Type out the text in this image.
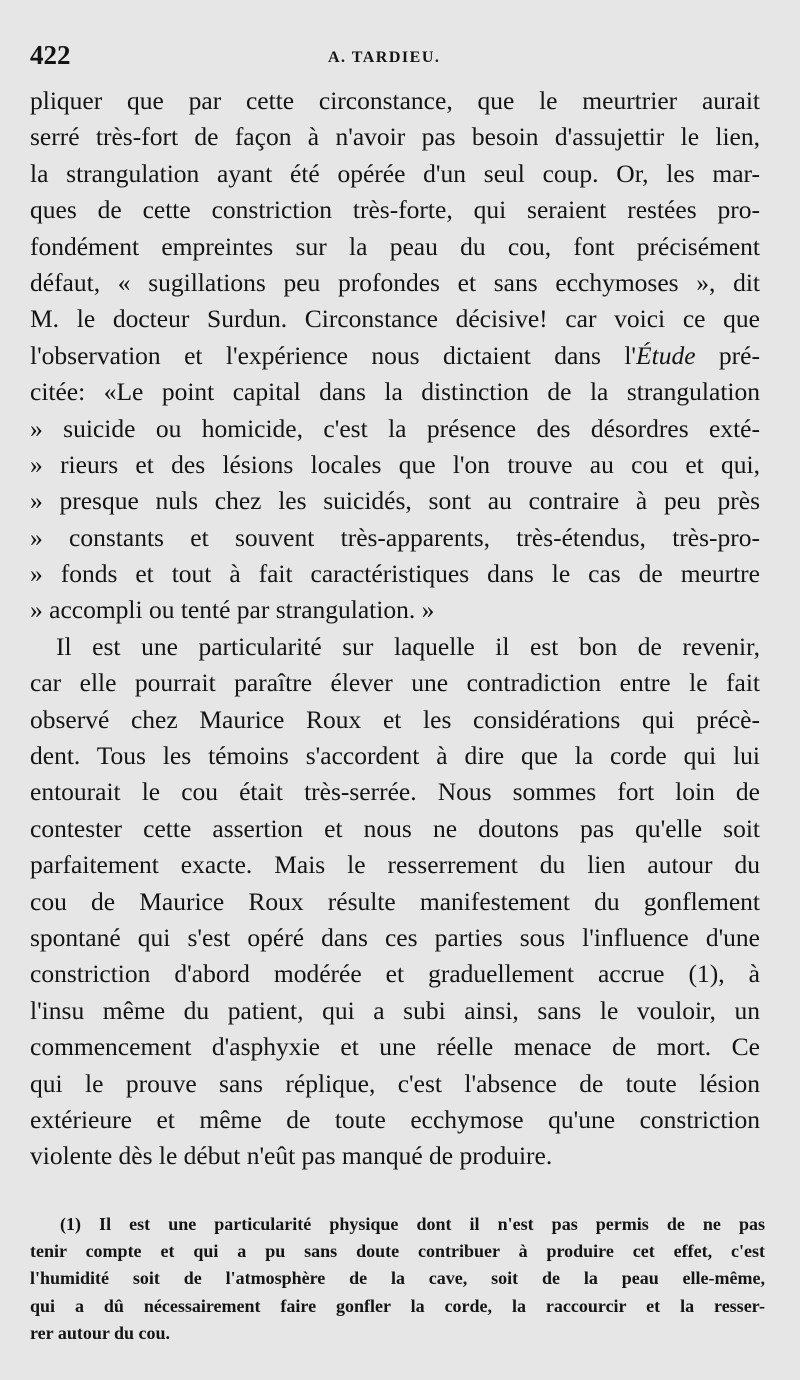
422	A. TARDIEU.
pliquer que par cette circonstance, que le meurtrier aurait
serré très-fort de façon à n'avoir pas besoin d'assujettir le lien,
la strangulation ayant été opérée d'un seul coup. Or, les mar-
ques de cette constriction très-forte, qui seraient restées pro-
fondément empreintes sur la peau du cou, font précisément
défaut, « sugillations peu profondes et sans ecchymoses », dit
M. le docteur Surdun. Circonstance décisive! car voici ce que
l'observation et l'expérience nous dictaient dans l'Étude pré-
citée: «Le point capital dans la distinction de la strangulation
» suicide ou homicide, c'est la présence des désordres exté-
» rieurs et des lésions locales que l'on trouve au cou et qui,
» presque nuls chez les suicidés, sont au contraire à peu près
» constants et souvent très-apparents, très-étendus, très-pro-
» fonds et tout à fait caractéristiques dans le cas de meurtre
» accompli ou tenté par strangulation. »
Il est une particularité sur laquelle il est bon de revenir,
car elle pourrait paraître élever une contradiction entre le fait
observé chez Maurice Roux et les considérations qui précè-
dent. Tous les témoins s'accordent à dire que la corde qui lui
entourait le cou était très-serrée. Nous sommes fort loin de
contester cette assertion et nous ne doutons pas qu'elle soit
parfaitement exacte. Mais le resserrement du lien autour du
cou de Maurice Roux résulte manifestement du gonflement
spontané qui s'est opéré dans ces parties sous l'influence d'une
constriction d'abord modérée et graduellement accrue (1), à
l'insu même du patient, qui a subi ainsi, sans le vouloir, un
commencement d'asphyxie et une réelle menace de mort. Ce
qui le prouve sans réplique, c'est l'absence de toute lésion
extérieure et même de toute ecchymose qu'une constriction
violente dès le début n'eût pas manqué de produire.
(1) Il est une particularité physique dont il n'est pas permis de ne pas
tenir compte et qui a pu sans doute contribuer à produire cet effet, c'est
l'humidité soit de l'atmosphère de la cave, soit de la peau elle-même,
qui a dû nécessairement faire gonfler la corde, la raccourcir et la resser-
rer autour du cou.
